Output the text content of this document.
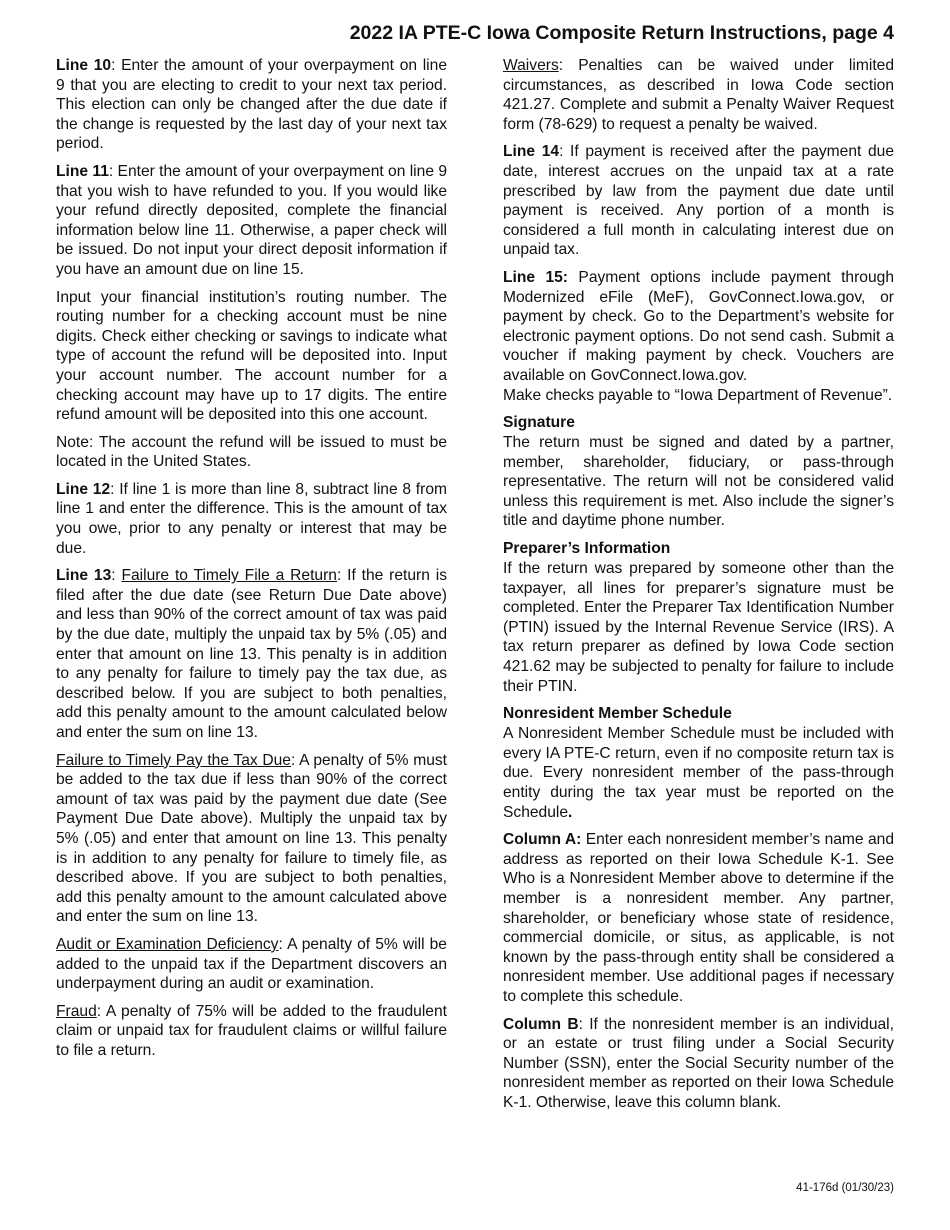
2022 IA PTE-C Iowa Composite Return Instructions, page 4

Line 10: Enter the amount of your overpayment on line 9 that you are electing to credit to your next tax period. This election can only be changed after the due date if the change is requested by the last day of your next tax period.

Line 11: Enter the amount of your overpayment on line 9 that you wish to have refunded to you. If you would like your refund directly deposited, complete the financial information below line 11. Otherwise, a paper check will be issued. Do not input your direct deposit information if you have an amount due on line 15.

Input your financial institution’s routing number. The routing number for a checking account must be nine digits. Check either checking or savings to indicate what type of account the refund will be deposited into. Input your account number. The account number for a checking account may have up to 17 digits. The entire refund amount will be deposited into this one account.

Note: The account the refund will be issued to must be located in the United States.

Line 12: If line 1 is more than line 8, subtract line 8 from line 1 and enter the difference. This is the amount of tax you owe, prior to any penalty or interest that may be due.

Line 13: Failure to Timely File a Return: If the return is filed after the due date (see Return Due Date above) and less than 90% of the correct amount of tax was paid by the due date, multiply the unpaid tax by 5% (.05) and enter that amount on line 13. This penalty is in addition to any penalty for failure to timely pay the tax due, as described below. If you are subject to both penalties, add this penalty amount to the amount calculated below and enter the sum on line 13.

Failure to Timely Pay the Tax Due: A penalty of 5% must be added to the tax due if less than 90% of the correct amount of tax was paid by the payment due date (See Payment Due Date above). Multiply the unpaid tax by 5% (.05) and enter that amount on line 13. This penalty is in addition to any penalty for failure to timely file, as described above. If you are subject to both penalties, add this penalty amount to the amount calculated above and enter the sum on line 13.

Audit or Examination Deficiency: A penalty of 5% will be added to the unpaid tax if the Department discovers an underpayment during an audit or examination.

Fraud: A penalty of 75% will be added to the fraudulent claim or unpaid tax for fraudulent claims or willful failure to file a return.

Waivers: Penalties can be waived under limited circumstances, as described in Iowa Code section 421.27. Complete and submit a Penalty Waiver Request form (78-629) to request a penalty be waived.

Line 14: If payment is received after the payment due date, interest accrues on the unpaid tax at a rate prescribed by law from the payment due date until payment is received. Any portion of a month is considered a full month in calculating interest due on unpaid tax.

Line 15: Payment options include payment through Modernized eFile (MeF), GovConnect.Iowa.gov, or payment by check. Go to the Department’s website for electronic payment options. Do not send cash. Submit a voucher if making payment by check. Vouchers are available on GovConnect.Iowa.gov.

Make checks payable to “Iowa Department of Revenue”.

Signature

The return must be signed and dated by a partner, member, shareholder, fiduciary, or pass-through representative. The return will not be considered valid unless this requirement is met. Also include the signer’s title and daytime phone number.

Preparer’s Information

If the return was prepared by someone other than the taxpayer, all lines for preparer’s signature must be completed. Enter the Preparer Tax Identification Number (PTIN) issued by the Internal Revenue Service (IRS). A tax return preparer as defined by Iowa Code section 421.62 may be subjected to penalty for failure to include their PTIN.

Nonresident Member Schedule

A Nonresident Member Schedule must be included with every IA PTE-C return, even if no composite return tax is due. Every nonresident member of the pass-through entity during the tax year must be reported on the Schedule.

Column A: Enter each nonresident member’s name and address as reported on their Iowa Schedule K-1. See Who is a Nonresident Member above to determine if the member is a nonresident member. Any partner, shareholder, or beneficiary whose state of residence, commercial domicile, or situs, as applicable, is not known by the pass-through entity shall be considered a nonresident member. Use additional pages if necessary to complete this schedule.

Column B: If the nonresident member is an individual, or an estate or trust filing under a Social Security Number (SSN), enter the Social Security number of the nonresident member as reported on their Iowa Schedule K-1. Otherwise, leave this column blank.

41-176d (01/30/23)
